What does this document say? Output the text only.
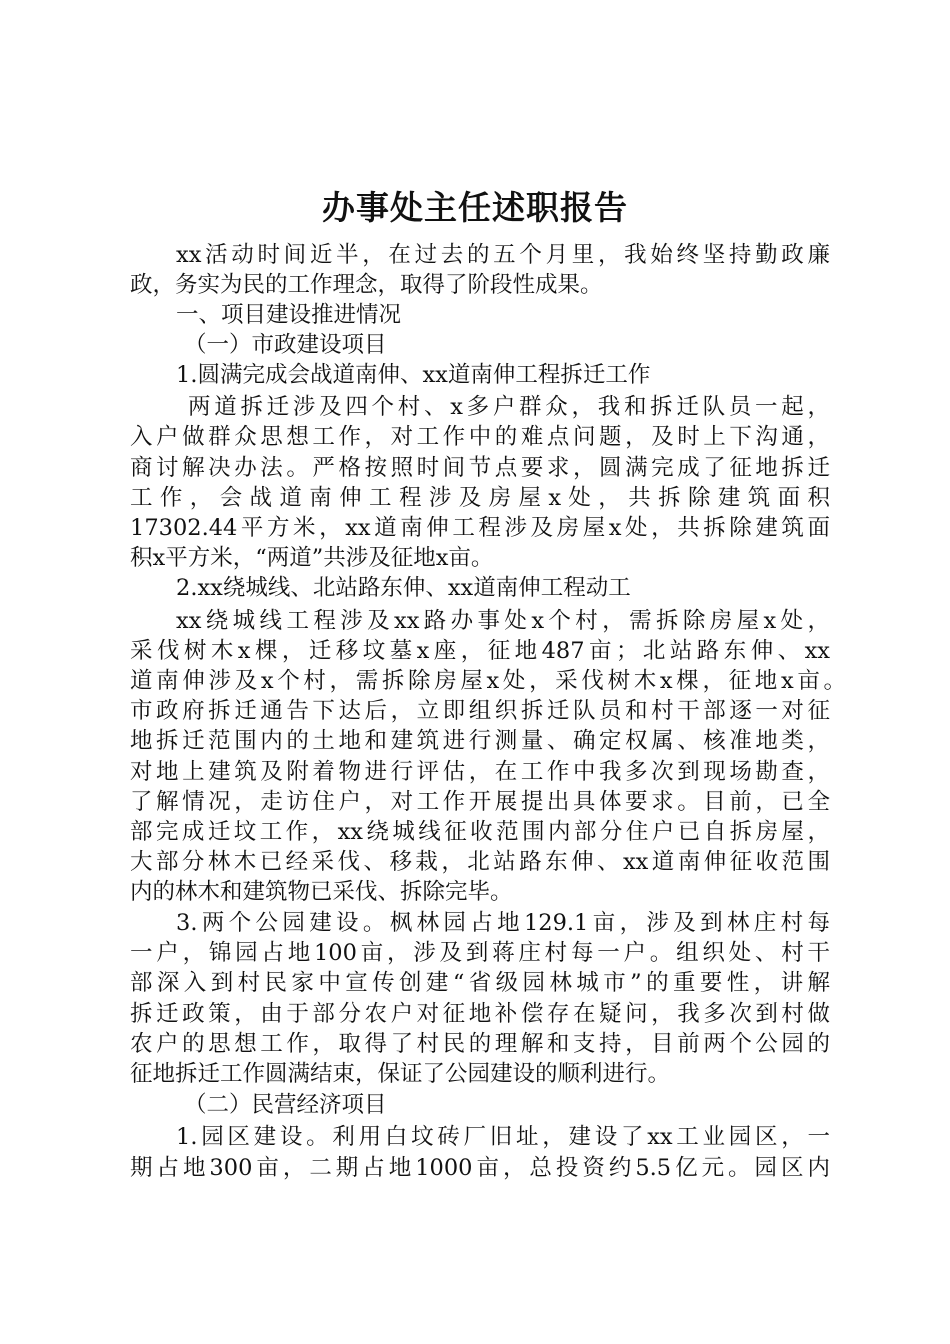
办事处主任述职报告
xx活动时间近半，在过去的五个月里，我始终坚持勤政廉
政，务实为民的工作理念，取得了阶段性成果。
一、项目建设推进情况
（一）市政建设项目
1.圆满完成会战道南伸、xx道南伸工程拆迁工作
两道拆迁涉及四个村、x多户群众，我和拆迁队员一起，
入户做群众思想工作，对工作中的难点问题，及时上下沟通，
商讨解决办法。严格按照时间节点要求，圆满完成了征地拆迁
工作，会战道南伸工程涉及房屋x处，共拆除建筑面积
17302.44平方米，xx道南伸工程涉及房屋x处，共拆除建筑面
积x平方米，“两道”共涉及征地x亩。
2.xx绕城线、北站路东伸、xx道南伸工程动工
xx绕城线工程涉及xx路办事处x个村，需拆除房屋x处，
采伐树木x棵，迁移坟墓x座，征地487亩；北站路东伸、xx
道南伸涉及x个村，需拆除房屋x处，采伐树木x棵，征地x亩。
市政府拆迁通告下达后，立即组织拆迁队员和村干部逐一对征
地拆迁范围内的土地和建筑进行测量、确定权属、核准地类，
对地上建筑及附着物进行评估，在工作中我多次到现场勘查，
了解情况，走访住户，对工作开展提出具体要求。目前，已全
部完成迁坟工作，xx绕城线征收范围内部分住户已自拆房屋，
大部分林木已经采伐、移栽，北站路东伸、xx道南伸征收范围
内的林木和建筑物已采伐、拆除完毕。
3.两个公园建设。枫林园占地129.1亩，涉及到林庄村每
一户，锦园占地100亩，涉及到蒋庄村每一户。组织处、村干
部深入到村民家中宣传创建“省级园林城市”的重要性，讲解
拆迁政策，由于部分农户对征地补偿存在疑问，我多次到村做
农户的思想工作，取得了村民的理解和支持，目前两个公园的
征地拆迁工作圆满结束，保证了公园建设的顺利进行。
（二）民营经济项目
1.园区建设。利用白坟砖厂旧址，建设了xx工业园区，一
期占地300亩，二期占地1000亩，总投资约5.5亿元。园区内
